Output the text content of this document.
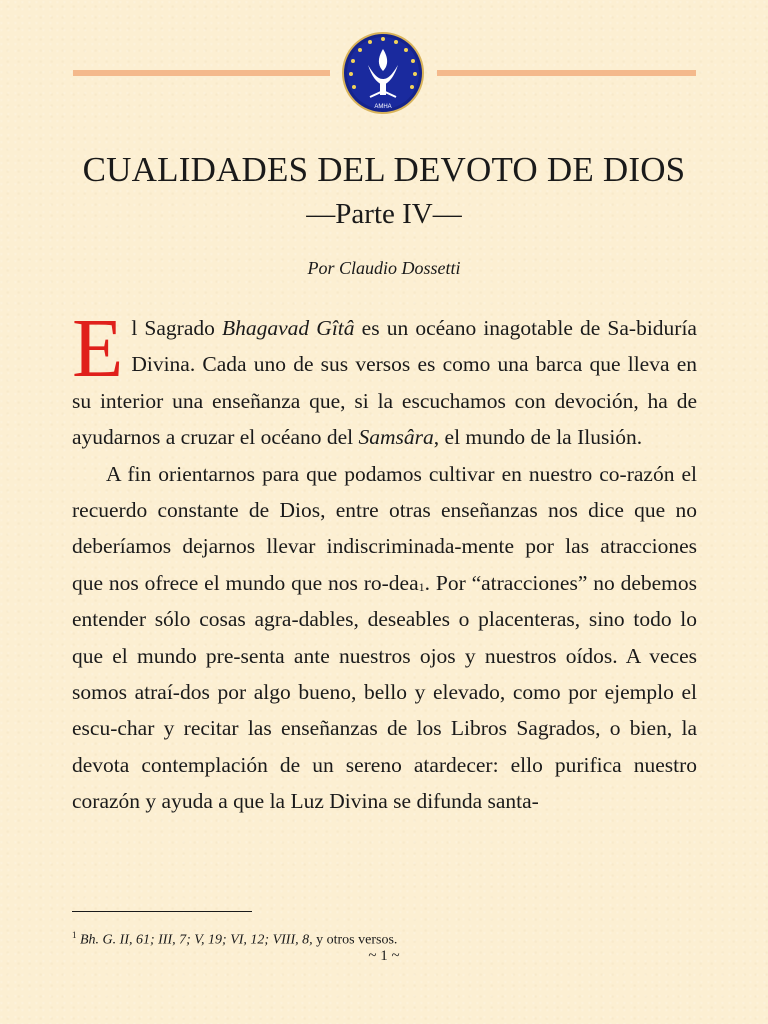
AMHA
CUALIDADES DEL DEVOTO DE DIOS
—Parte IV—
Por Claudio Dossetti

El Sagrado Bhagavad Gîtâ es un océano inagotable de Sa-biduría Divina. Cada uno de sus versos es como una barca que lleva en su interior una enseñanza que, si la escuchamos con devoción, ha de ayudarnos a cruzar el océano del Samsâra, el mundo de la Ilusión.

A fin orientarnos para que podamos cultivar en nuestro co-razón el recuerdo constante de Dios, entre otras enseñanzas nos dice que no deberíamos dejarnos llevar indiscriminada-mente por las atracciones que nos ofrece el mundo que nos ro-dea$^1$. Por “atracciones” no debemos entender sólo cosas agra-dables, deseables o placenteras, sino todo lo que el mundo pre-senta ante nuestros ojos y nuestros oídos. A veces somos atraí-dos por algo bueno, bello y elevado, como por ejemplo el escu-char y recitar las enseñanzas de los Libros Sagrados, o bien, la devota contemplación de un sereno atardecer: ello purifica nuestro corazón y ayuda a que la Luz Divina se difunda santa-

$^1$ Bh. G. II, 61; III, 7; V, 19; VI, 12; VIII, 8, y otros versos.
~ 1 ~
